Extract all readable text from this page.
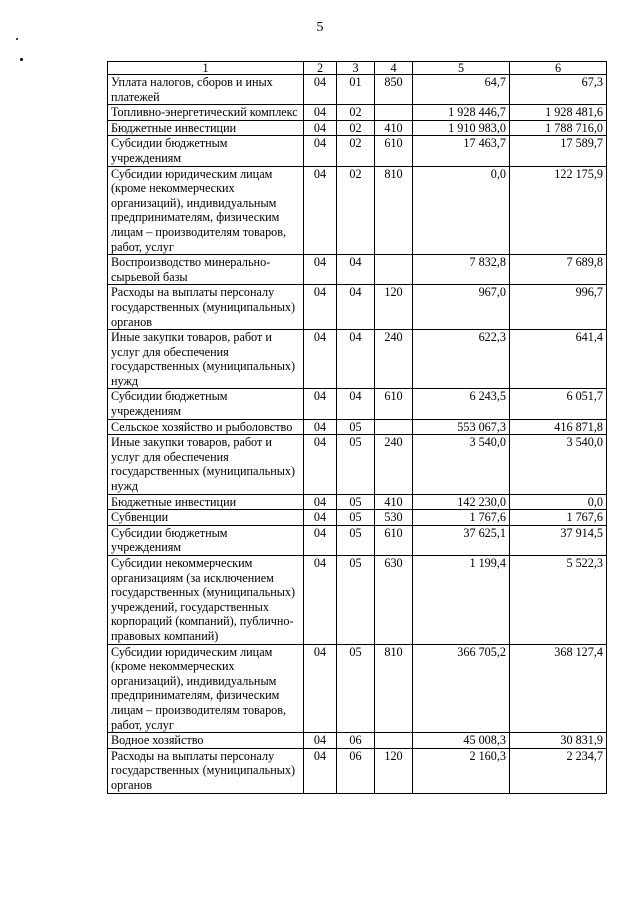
5
1	2	3	4	5	6
Уплата налогов, сборов и иных платежей	04	01	850	64,7	67,3
Топливно-энергетический комплекс	04	02		1 928 446,7	1 928 481,6
Бюджетные инвестиции	04	02	410	1 910 983,0	1 788 716,0
Субсидии бюджетным учреждениям	04	02	610	17 463,7	17 589,7
Субсидии юридическим лицам (кроме некоммерческих организаций), индивидуальным предпринимателям, физическим лицам – производителям товаров, работ, услуг	04	02	810	0,0	122 175,9
Воспроизводство минерально-сырьевой базы	04	04		7 832,8	7 689,8
Расходы на выплаты персоналу государственных (муниципальных) органов	04	04	120	967,0	996,7
Иные закупки товаров, работ и услуг для обеспечения государственных (муниципальных) нужд	04	04	240	622,3	641,4
Субсидии бюджетным учреждениям	04	04	610	6 243,5	6 051,7
Сельское хозяйство и рыболовство	04	05		553 067,3	416 871,8
Иные закупки товаров, работ и услуг для обеспечения государственных (муниципальных) нужд	04	05	240	3 540,0	3 540,0
Бюджетные инвестиции	04	05	410	142 230,0	0,0
Субвенции	04	05	530	1 767,6	1 767,6
Субсидии бюджетным учреждениям	04	05	610	37 625,1	37 914,5
Субсидии некоммерческим организациям (за исключением государственных (муниципальных) учреждений, государственных корпораций (компаний), публично-правовых компаний)	04	05	630	1 199,4	5 522,3
Субсидии юридическим лицам (кроме некоммерческих организаций), индивидуальным предпринимателям, физическим лицам – производителям товаров, работ, услуг	04	05	810	366 705,2	368 127,4
Водное хозяйство	04	06		45 008,3	30 831,9
Расходы на выплаты персоналу государственных (муниципальных) органов	04	06	120	2 160,3	2 234,7
